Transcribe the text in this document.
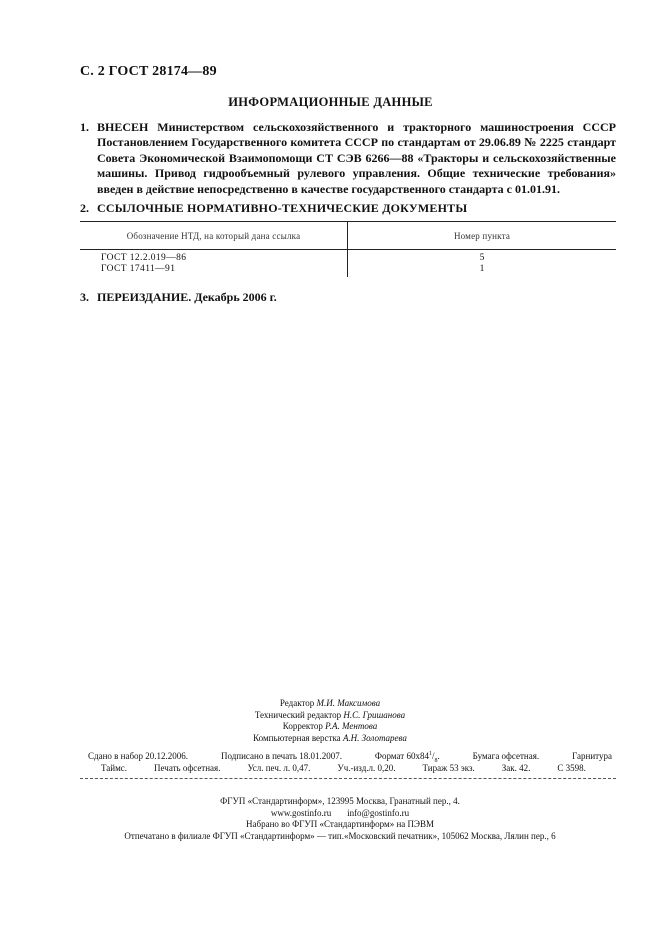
С. 2 ГОСТ 28174—89
ИНФОРМАЦИОННЫЕ ДАННЫЕ
1. ВНЕСЕН Министерством сельскохозяйственного и тракторного машиностроения СССР Постановлением Государственного комитета СССР по стандартам от 29.06.89 № 2225 стандарт Совета Экономической Взаимопомощи СТ СЭВ 6266—88 «Тракторы и сельскохозяйственные машины. Привод гидрообъемный рулевого управления. Общие технические требования» введен в действие непосредственно в качестве государственного стандарта с 01.01.91.
2. ССЫЛОЧНЫЕ НОРМАТИВНО-ТЕХНИЧЕСКИЕ ДОКУМЕНТЫ
Обозначение НТД, на который дана ссылка	Номер пункта
ГОСТ 12.2.019—86	5
ГОСТ 17411—91	1
3. ПЕРЕИЗДАНИЕ. Декабрь 2006 г.
Редактор М.И. Максимова
Технический редактор Н.С. Гришанова
Корректор Р.А. Ментова
Компьютерная верстка А.Н. Золотарева
Сдано в набор 20.12.2006.	Подписано в печать 18.01.2007.	Формат $60х84^1/_8$.	Бумага офсетная.	Гарнитура
Таймс.	Печать офсетная.	Усл. печ. л. 0,47.	Уч.-изд.л. 0,20.	Тираж 53 экз.	Зак. 42.	С 3598.
ФГУП «Стандартинформ», 123995 Москва, Гранатный пер., 4.
www.gostinfo.ru info@gostinfo.ru
Набрано во ФГУП «Стандартинформ» на ПЭВМ
Отпечатано в филиале ФГУП «Стандартинформ» — тип.«Московский печатник», 105062 Москва, Лялин пер., 6
